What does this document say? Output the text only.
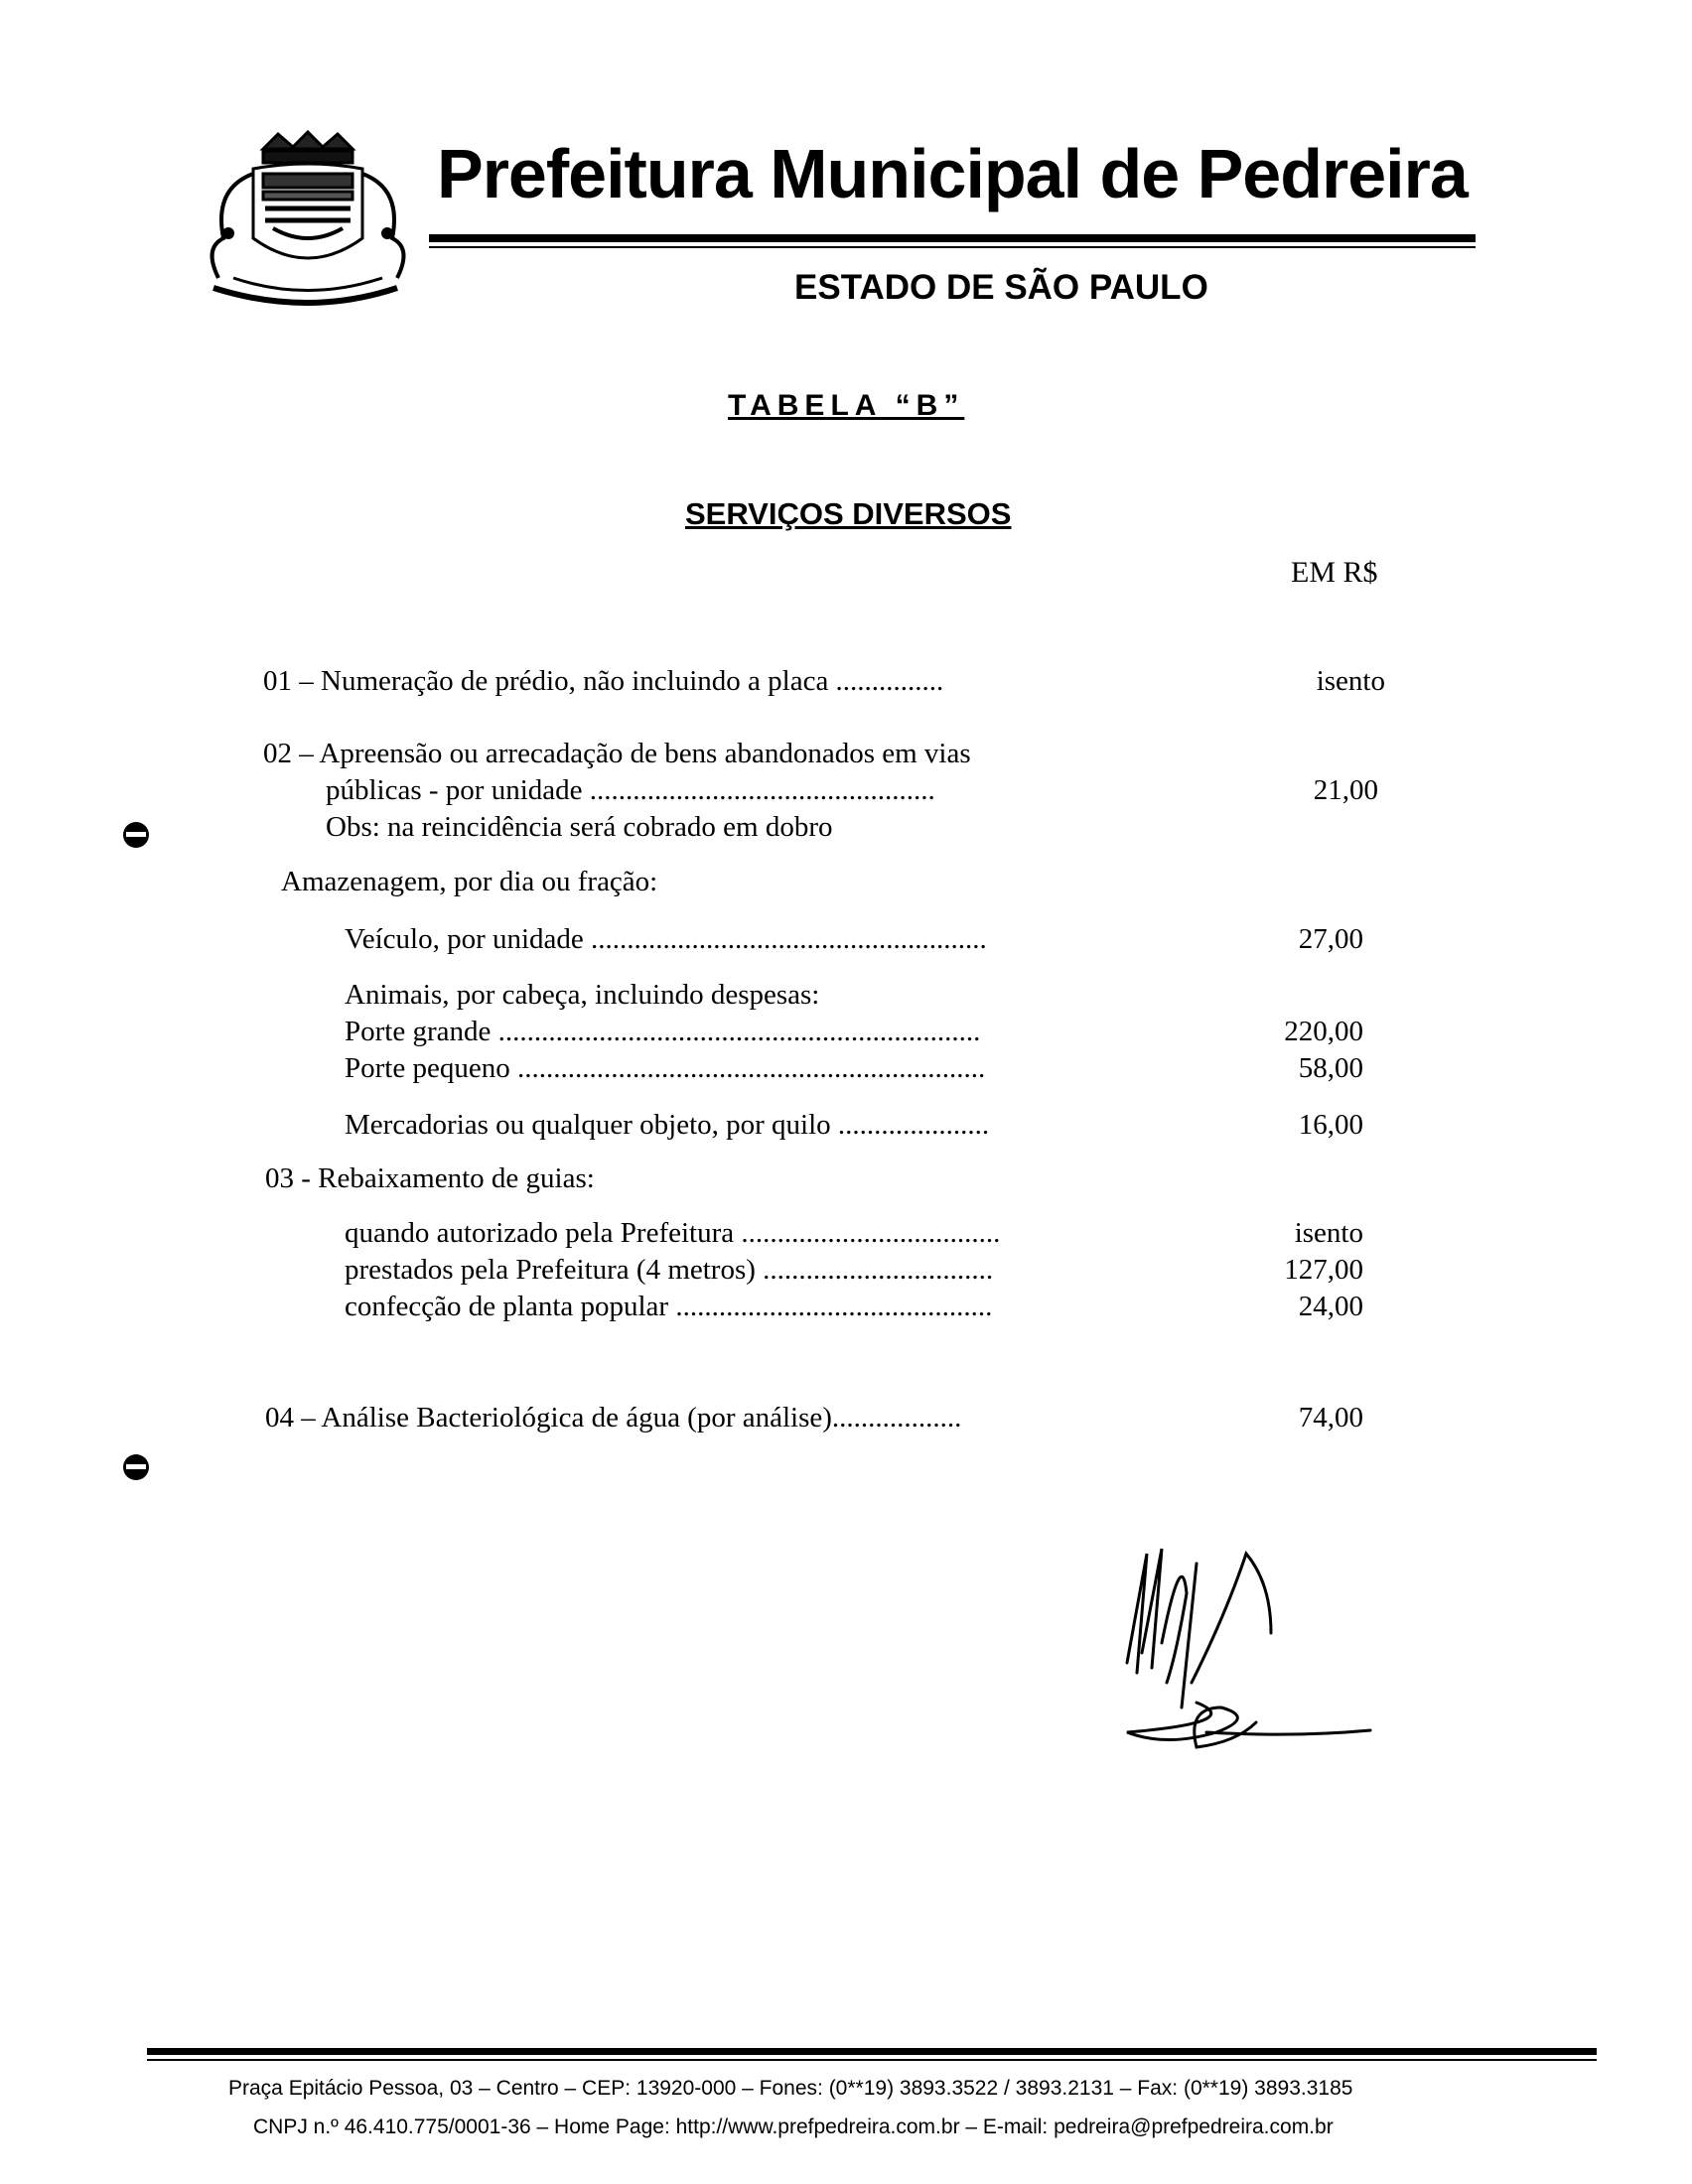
Prefeitura Municipal de Pedreira
ESTADO DE SÃO PAULO
TABELA “B”
SERVIÇOS DIVERSOS
EM R$
01 – Numeração de prédio, não incluindo a placa ...............	isento
02 – Apreensão ou arrecadação de bens abandonados em vias
públicas - por unidade ................................................	21,00
Obs: na reincidência será cobrado em dobro
Amazenagem, por dia ou fração:
Veículo, por unidade .......................................................	27,00
Animais, por cabeça, incluindo despesas:
Porte grande ...................................................................	220,00
Porte pequeno .................................................................	58,00
Mercadorias ou qualquer objeto, por quilo .....................	16,00
03 - Rebaixamento de guias:
quando autorizado pela Prefeitura ....................................	isento
prestados pela Prefeitura (4 metros) ................................	127,00
confecção de planta popular ............................................	24,00
04 – Análise Bacteriológica de água (por análise)..................	74,00
Praça Epitácio Pessoa, 03 – Centro – CEP: 13920-000 – Fones: (0**19) 3893.3522 / 3893.2131 – Fax: (0**19) 3893.3185
CNPJ n.º 46.410.775/0001-36 – Home Page: http://www.prefpedreira.com.br – E-mail: pedreira@prefpedreira.com.br
